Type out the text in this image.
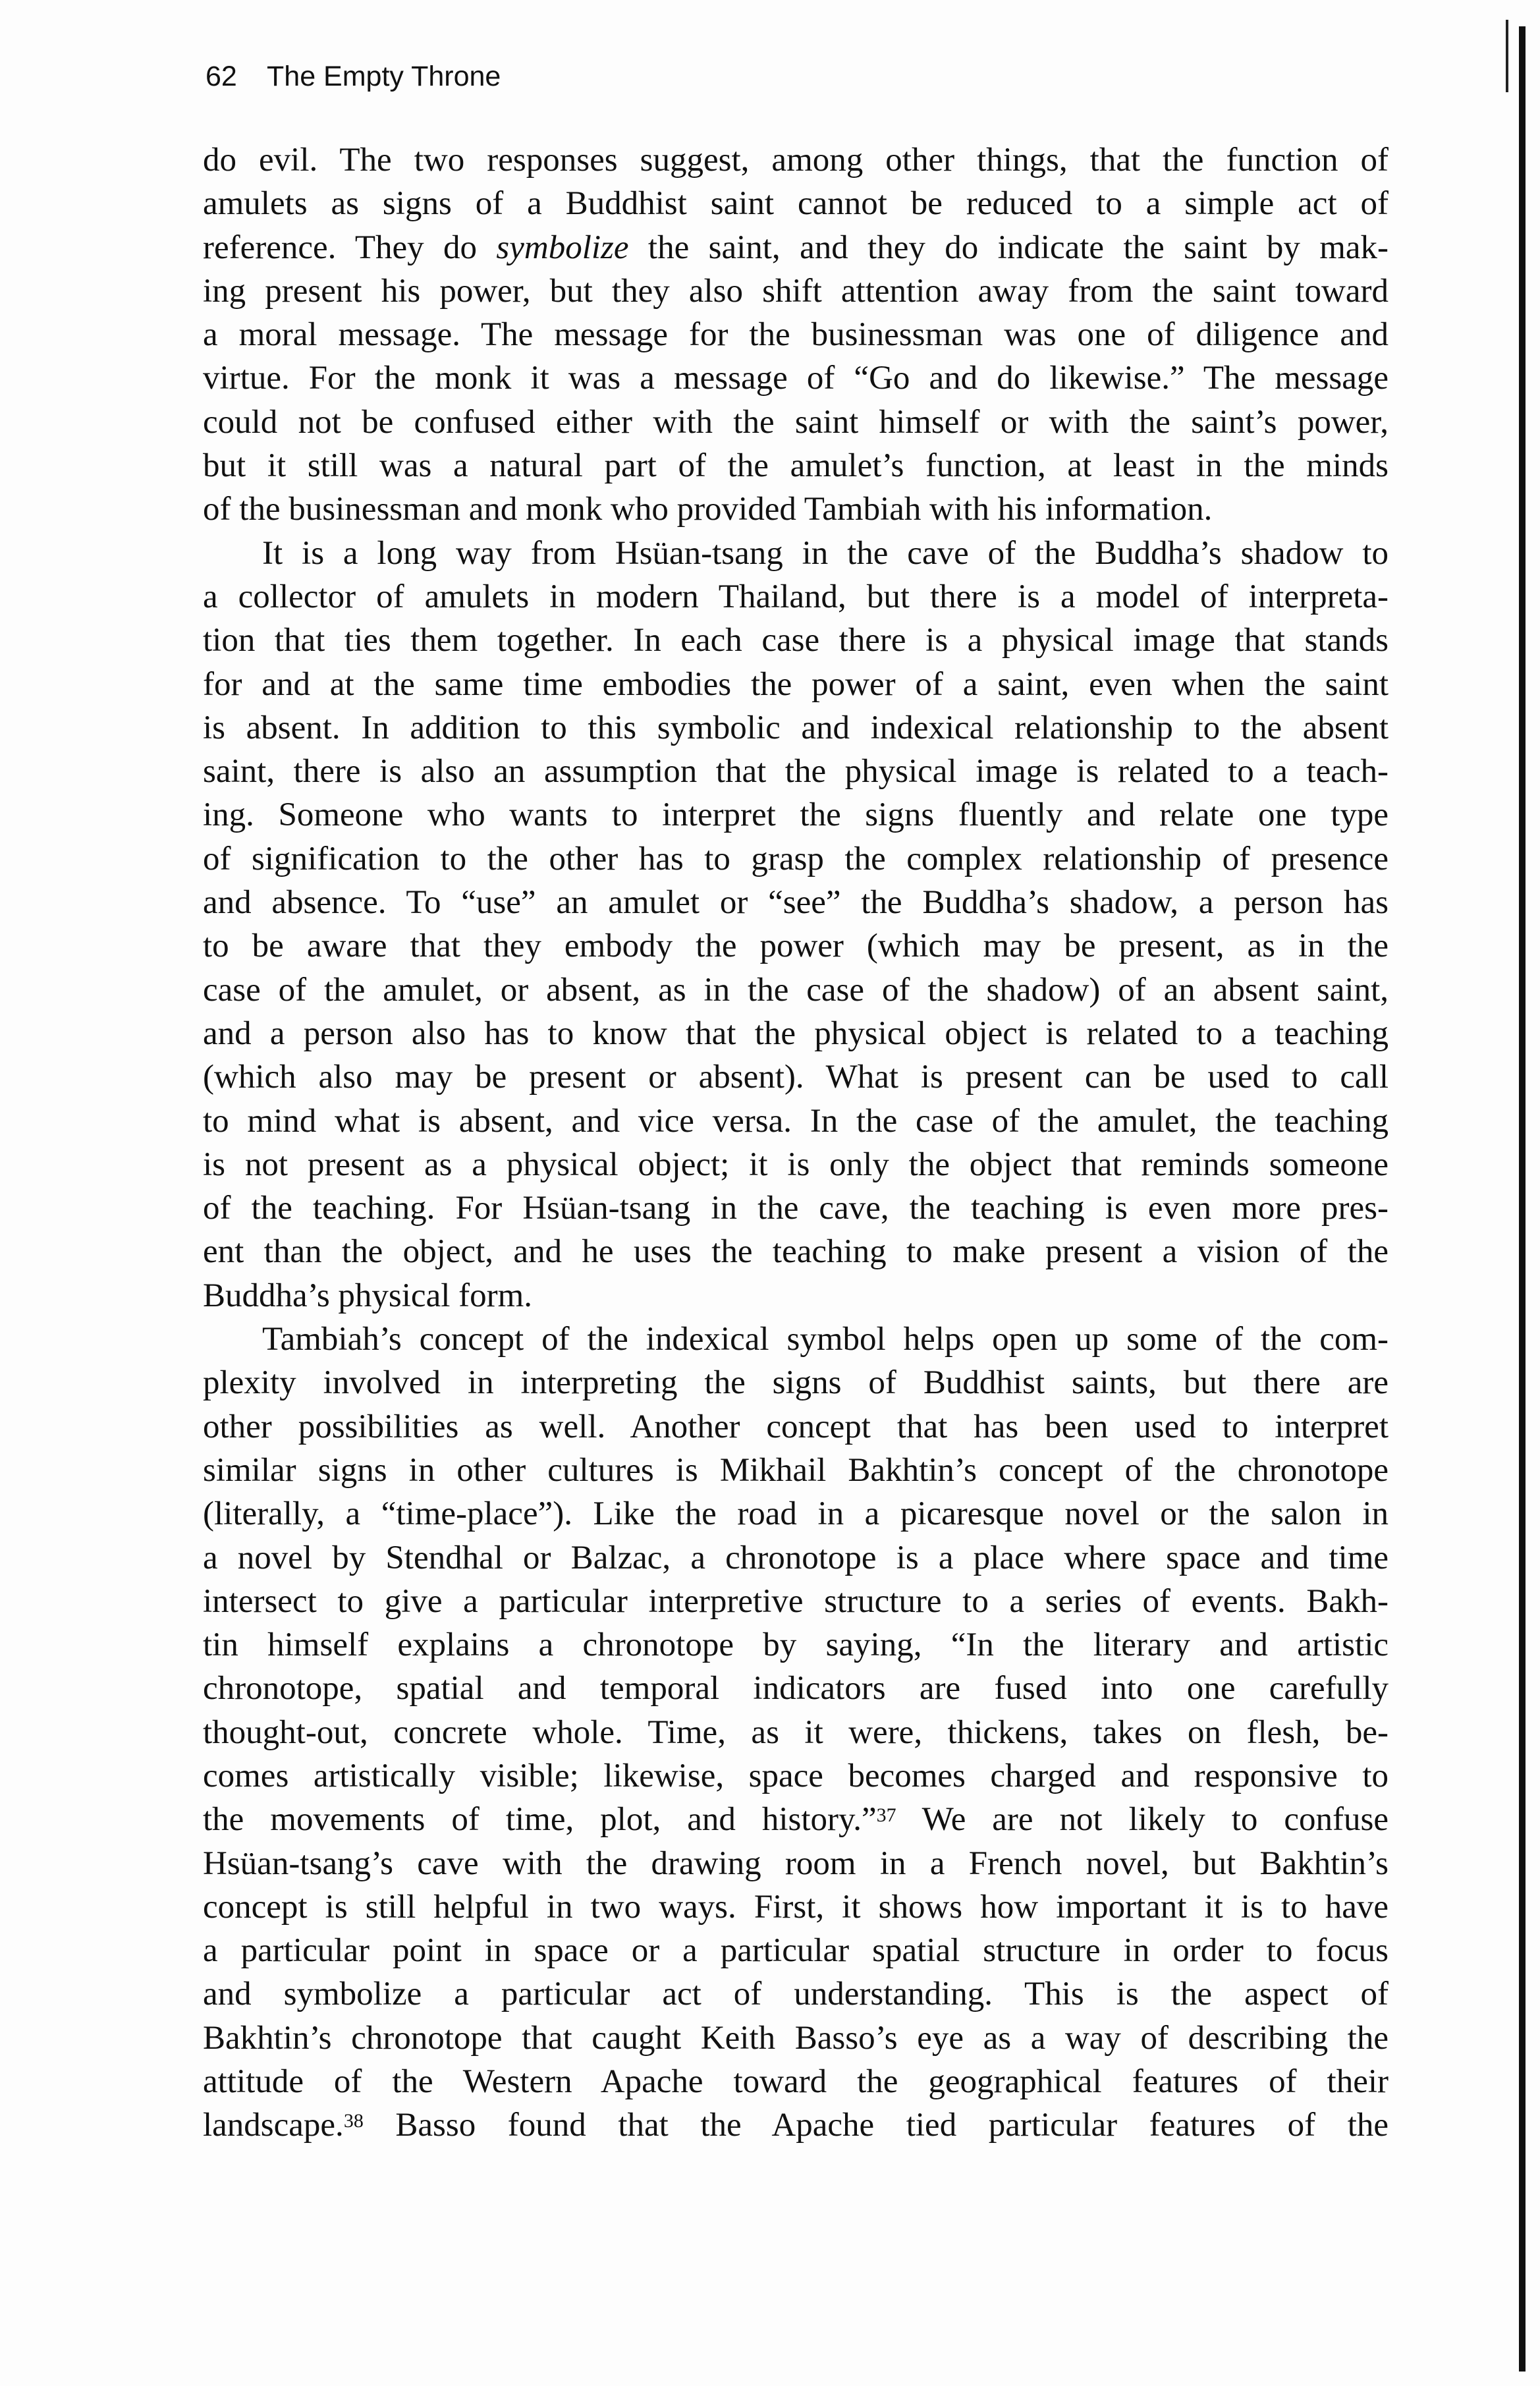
62 The Empty Throne
do evil. The two responses suggest, among other things, that the function of
amulets as signs of a Buddhist saint cannot be reduced to a simple act of
reference. They do symbolize the saint, and they do indicate the saint by mak-
ing present his power, but they also shift attention away from the saint toward
a moral message. The message for the businessman was one of diligence and
virtue. For the monk it was a message of “Go and do likewise.” The message
could not be confused either with the saint himself or with the saint’s power,
but it still was a natural part of the amulet’s function, at least in the minds
of the businessman and monk who provided Tambiah with his information.
It is a long way from Hsüan-tsang in the cave of the Buddha’s shadow to
a collector of amulets in modern Thailand, but there is a model of interpreta-
tion that ties them together. In each case there is a physical image that stands
for and at the same time embodies the power of a saint, even when the saint
is absent. In addition to this symbolic and indexical relationship to the absent
saint, there is also an assumption that the physical image is related to a teach-
ing. Someone who wants to interpret the signs fluently and relate one type
of signification to the other has to grasp the complex relationship of presence
and absence. To “use” an amulet or “see” the Buddha’s shadow, a person has
to be aware that they embody the power (which may be present, as in the
case of the amulet, or absent, as in the case of the shadow) of an absent saint,
and a person also has to know that the physical object is related to a teaching
(which also may be present or absent). What is present can be used to call
to mind what is absent, and vice versa. In the case of the amulet, the teaching
is not present as a physical object; it is only the object that reminds someone
of the teaching. For Hsüan-tsang in the cave, the teaching is even more pres-
ent than the object, and he uses the teaching to make present a vision of the
Buddha’s physical form.
Tambiah’s concept of the indexical symbol helps open up some of the com-
plexity involved in interpreting the signs of Buddhist saints, but there are
other possibilities as well. Another concept that has been used to interpret
similar signs in other cultures is Mikhail Bakhtin’s concept of the chronotope
(literally, a “time-place”). Like the road in a picaresque novel or the salon in
a novel by Stendhal or Balzac, a chronotope is a place where space and time
intersect to give a particular interpretive structure to a series of events. Bakh-
tin himself explains a chronotope by saying, “In the literary and artistic
chronotope, spatial and temporal indicators are fused into one carefully
thought-out, concrete whole. Time, as it were, thickens, takes on flesh, be-
comes artistically visible; likewise, space becomes charged and responsive to
the movements of time, plot, and history.”$^{37}$ We are not likely to confuse
Hsüan-tsang’s cave with the drawing room in a French novel, but Bakhtin’s
concept is still helpful in two ways. First, it shows how important it is to have
a particular point in space or a particular spatial structure in order to focus
and symbolize a particular act of understanding. This is the aspect of
Bakhtin’s chronotope that caught Keith Basso’s eye as a way of describing the
attitude of the Western Apache toward the geographical features of their
landscape.$^{38}$ Basso found that the Apache tied particular features of the
